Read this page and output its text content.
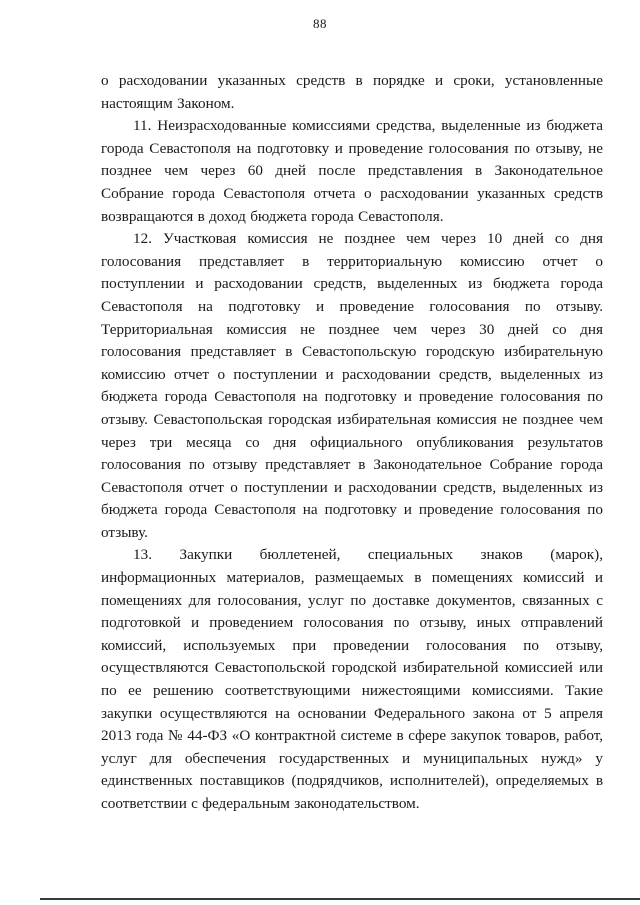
88

о расходовании указанных средств в порядке и сроки, установленные настоящим Законом.

11. Неизрасходованные комиссиями средства, выделенные из бюджета города Севастополя на подготовку и проведение голосования по отзыву, не позднее чем через 60 дней после представления в Законодательное Собрание города Севастополя отчета о расходовании указанных средств возвращаются в доход бюджета города Севастополя.

12. Участковая комиссия не позднее чем через 10 дней со дня голосования представляет в территориальную комиссию отчет о поступлении и расходовании средств, выделенных из бюджета города Севастополя на подготовку и проведение голосования по отзыву. Территориальная комиссия не позднее чем через 30 дней со дня голосования представляет в Севастопольскую городскую избирательную комиссию отчет о поступлении и расходовании средств, выделенных из бюджета города Севастополя на подготовку и проведение голосования по отзыву. Севастопольская городская избирательная комиссия не позднее чем через три месяца со дня официального опубликования результатов голосования по отзыву представляет в Законодательное Собрание города Севастополя отчет о поступлении и расходовании средств, выделенных из бюджета города Севастополя на подготовку и проведение голосования по отзыву.

13. Закупки бюллетеней, специальных знаков (марок), информационных материалов, размещаемых в помещениях комиссий и помещениях для голосования, услуг по доставке документов, связанных с подготовкой и проведением голосования по отзыву, иных отправлений комиссий, используемых при проведении голосования по отзыву, осуществляются Севастопольской городской избирательной комиссией или по ее решению соответствующими нижестоящими комиссиями. Такие закупки осуществляются на основании Федерального закона от 5 апреля 2013 года № 44-ФЗ «О контрактной системе в сфере закупок товаров, работ, услуг для обеспечения государственных и муниципальных нужд» у единственных поставщиков (подрядчиков, исполнителей), определяемых в соответствии с федеральным законодательством.
